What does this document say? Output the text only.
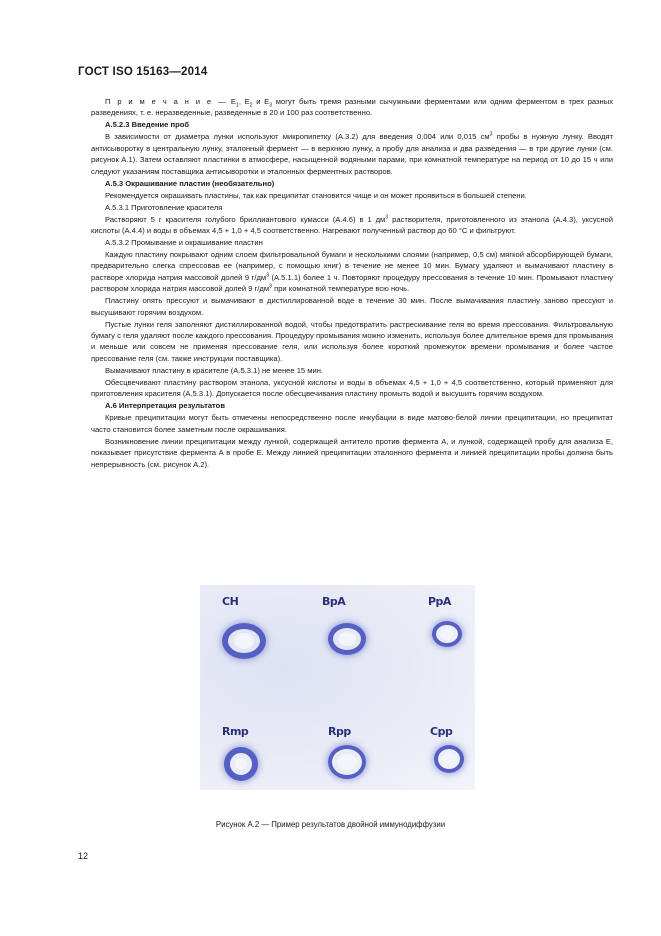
ГОСТ ISO 15163—2014

П р и м е ч а н и е — $E_1$, $E_2$ и $E_3$ могут быть тремя разными сычужными ферментами или одним ферментом в трех разных разведениях, т. е. неразведенные, разведенные в 20 и 100 раз соответственно.

А.5.2.3 Введение проб

В зависимости от диаметра лунки используют микропипетку (А.3.2) для введения 0,004 или 0,015 $см^3$ пробы в нужную лунку. Вводят антисыворотку в центральную лунку, эталонный фермент — в верхнюю лунку, а пробу для анализа и два разведения — в три другие лунки (см. рисунок А.1). Затем оставляют пластинки в атмосфере, насыщенной водяными парами, при комнатной температуре на период от 10 до 15 ч или следуют указаниям поставщика антисыворотки и эталонных ферментных растворов.

А.5.3 Окрашивание пластин (необязательно)

Рекомендуется окрашивать пластины, так как преципитат становится чище и он может проявиться в большей степени.

А.5.3.1 Приготовление красителя

Растворяют 5 г красителя голубого бриллиантового кумасси (А.4.6) в 1 $дм^3$ растворителя, приготовленного из этанола (А.4.3), уксусной кислоты (А.4.4) и воды в объемах 4,5 + 1,0 + 4,5 соответственно. Нагревают полученный раствор до 60 °С и фильтруют.

А.5.3.2 Промывание и окрашивание пластин

Каждую пластину покрывают одним слоем фильтровальной бумаги и несколькими слоями (например, 0,5 см) мягкой абсорбирующей бумаги, предварительно слегка спрессовав ее (например, с помощью книг) в течение не менее 10 мин. Бумагу удаляют и вымачивают пластину в растворе хлорида натрия массовой долей 9 $г/дм^3$ (А.5.1.1) более 1 ч. Повторяют процедуру прессования в течение 10 мин. Промывают пластину раствором хлорида натрия массовой долей 9 $г/дм^3$ при комнатной температуре всю ночь.

Пластину опять прессуют и вымачивают в дистиллированной воде в течение 30 мин. После вымачивания пластину заново прессуют и высушивают горячим воздухом.

Пустые лунки геля заполняют дистиллированной водой, чтобы предотвратить растрескивание геля во время прессования. Фильтровальную бумагу с геля удаляют после каждого прессования. Процедуру промывания можно изменить, используя более длительное время для промывания и меньше или совсем не применяя прессование геля, или используя более короткий промежуток времени промывания и более частое прессование геля (см. также инструкции поставщика).

Вымачивают пластину в красителе (А.5.3.1) не менее 15 мин.

Обесцвечивают пластину раствором этанола, уксусной кислоты и воды в объемах 4,5 + 1,0 + 4,5 соответственно, который применяют для приготовления красителя (А.5.3.1). Допускается после обесцвечивания пластину промыть водой и высушить горячим воздухом.

А.6 Интерпретация результатов

Кривые преципитации могут быть отмечены непосредственно после инкубации в виде матово-белой линии преципитации, но преципитат часто становится более заметным после окрашивания.

Возникновение линии преципитации между лункой, содержащей антитело против фермента А, и лункой, содержащей пробу для анализа Е, показывает присутствие фермента А в пробе Е. Между линией преципитации эталонного фермента и линией преципитации пробы должна быть непрерывность (см. рисунок А.2).

CH	BpA	PpA
Rmp	Rpp	Cpp
Рисунок А.2 — Пример результатов двойной иммунодиффузии
12
